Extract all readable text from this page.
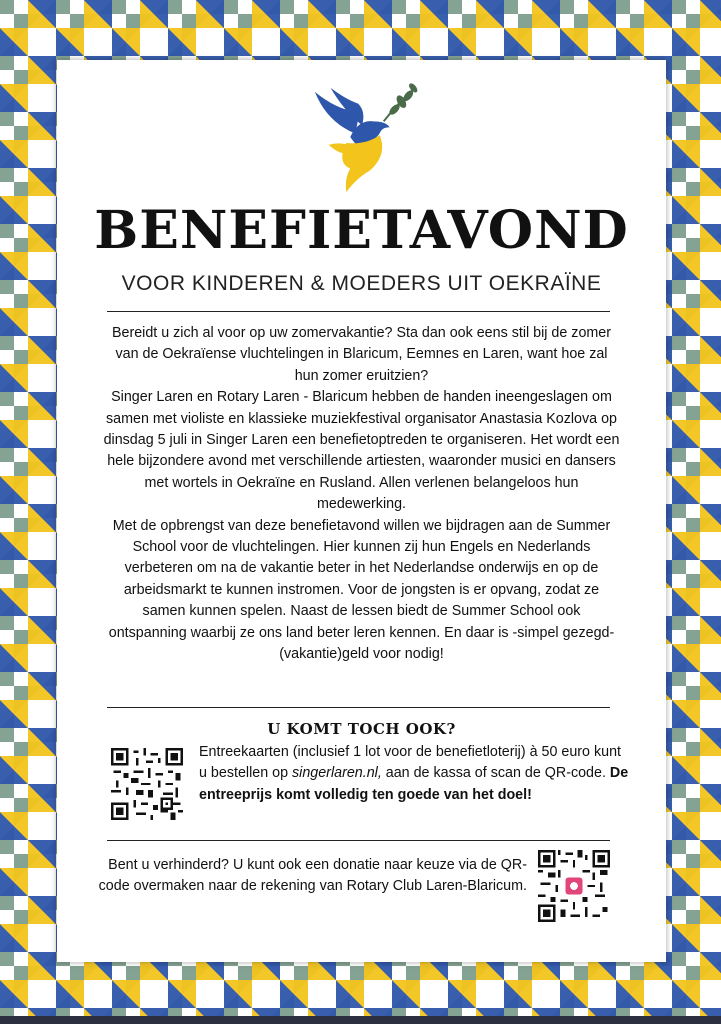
BENEFIETAVOND
VOOR KINDEREN & MOEDERS UIT OEKRAÏNE

Bereidt u zich al voor op uw zomervakantie? Sta dan ook eens stil bij de zomer van de Oekraïense vluchtelingen in Blaricum, Eemnes en Laren, want hoe zal hun zomer eruitzien?

Singer Laren en Rotary Laren - Blaricum hebben de handen ineengeslagen om samen met violiste en klassieke muziekfestival organisator Anastasia Kozlova op dinsdag 5 juli in Singer Laren een benefietoptreden te organiseren. Het wordt een hele bijzondere avond met verschillende artiesten, waaronder musici en dansers met wortels in Oekraïne en Rusland. Allen verlenen belangeloos hun medewerking.

Met de opbrengst van deze benefietavond willen we bijdragen aan de Summer School voor de vluchtelingen. Hier kunnen zij hun Engels en Nederlands verbeteren om na de vakantie beter in het Nederlandse onderwijs en op de arbeidsmarkt te kunnen instromen. Voor de jongsten is er opvang, zodat ze samen kunnen spelen. Naast de lessen biedt de Summer School ook ontspanning waarbij ze ons land beter leren kennen. En daar is -simpel gezegd- (vakantie)geld voor nodig!

U KOMT TOCH OOK?
Entreekaarten (inclusief 1 lot voor de benefietloterij) à 50 euro kunt u bestellen op singerlaren.nl, aan de kassa of scan de QR-code. De entreeprijs komt volledig ten goede van het doel!
Bent u verhinderd? U kunt ook een donatie naar keuze via de QR-code overmaken naar de rekening van Rotary Club Laren-Blaricum.
